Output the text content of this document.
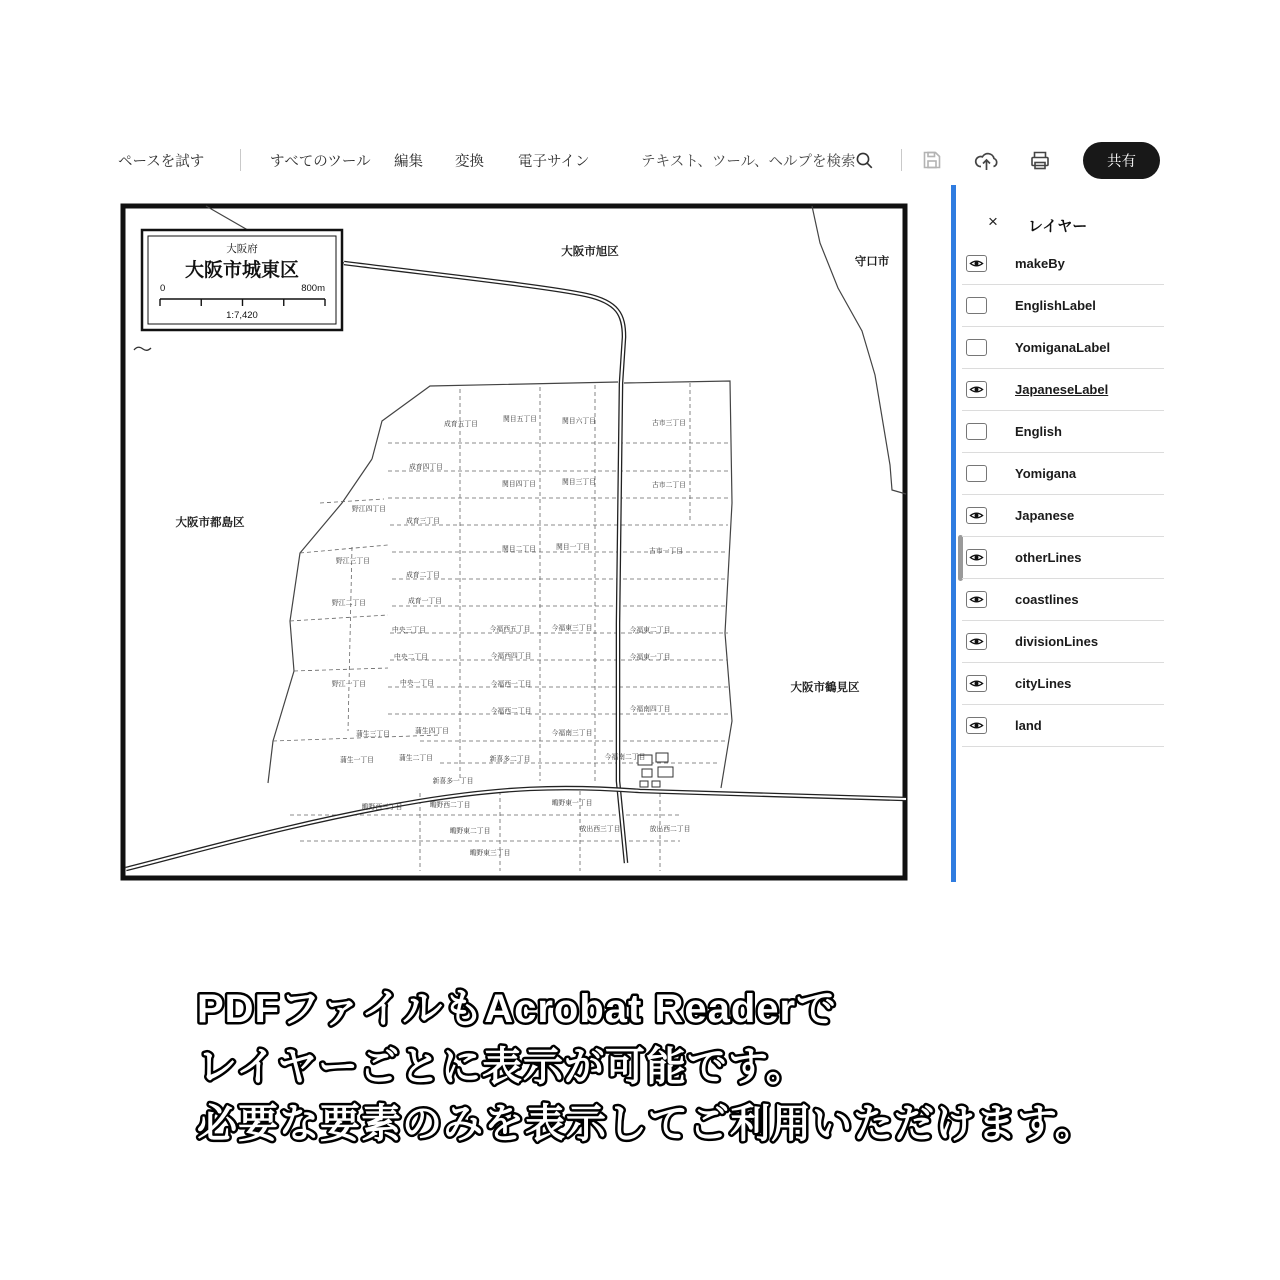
ペースを試す	すべてのツール 編集 変換 電子サイン	テキスト、ツール、ヘルプを検索	共有
大阪府
大阪市城東区
0	800m
1:7,420
大阪市旭区
守口市
大阪市都島区
大阪市鶴見区
成育五丁目
関目五丁目	関目六丁目	古市三丁目
成育四丁目
関目四丁目	関目三丁目	古市二丁目
野江四丁目
成育三丁目
関目二丁目	関目一丁目
古市一丁目
野江三丁目
成育二丁目
野江二丁目	成育一丁目
中央三丁目	今福西五丁目	今福東三丁目	今福東二丁目
中央二丁目	今福西四丁目	今福東一丁目
野江一丁目	中央一丁目	今福西一丁目
今福西二丁目	今福南四丁目
蒲生四丁目
蒲生三丁目	今福南三丁目
今福南二丁目
蒲生二丁目
蒲生一丁目	新喜多二丁目
新喜多一丁目
鴫野西三丁目	鴫野西二丁目	鴫野東一丁目
鴫野東二丁目	放出西三丁目	放出西二丁目
鴫野東三丁目
× レイヤー
makeBy
EnglishLabel
YomiganaLabel
JapaneseLabel
English
Yomigana
Japanese
otherLines
coastlines
divisionLines
cityLines
land
PDFファイルもAcrobat Readerで
レイヤーごとに表示が可能です。
必要な要素のみを表示してご利用いただけます。
